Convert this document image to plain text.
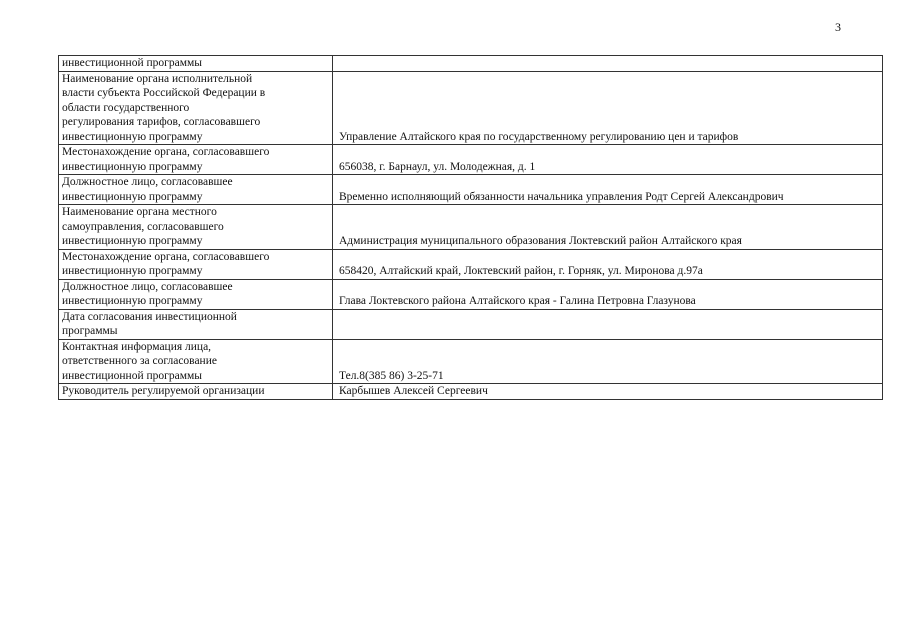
3
инвестиционной программы	
Наименование органа исполнительной
власти субъекта Российской Федерации в
области государственного
регулирования тарифов, согласовавшего
инвестиционную программу	Управление Алтайского края по государственному регулированию цен и тарифов
Местонахождение органа, согласовавшего
инвестиционную программу	656038, г. Барнаул, ул. Молодежная, д. 1
Должностное лицо, согласовавшее
инвестиционную программу	Временно исполняющий обязанности начальника управления Родт Сергей Александрович
Наименование органа местного
самоуправления, согласовавшего
инвестиционную программу	Администрация муниципального образования Локтевский район Алтайского края
Местонахождение органа, согласовавшего
инвестиционную программу	658420, Алтайский край, Локтевский район, г. Горняк, ул. Миронова д.97а
Должностное лицо, согласовавшее
инвестиционную программу	Глава Локтевского района Алтайского края - Галина Петровна Глазунова
Дата согласования инвестиционной
программы	
Контактная информация лица,
ответственного за согласование
инвестиционной программы	Тел.8(385 86) 3-25-71
Руководитель регулируемой организации	Карбышев Алексей Сергеевич
